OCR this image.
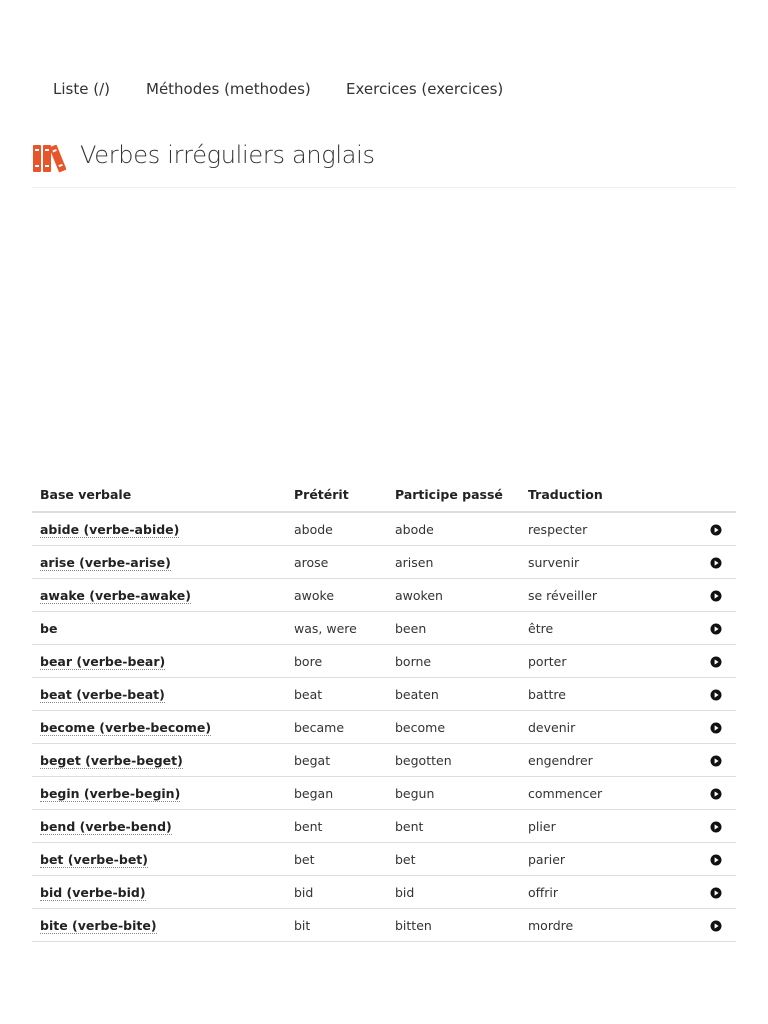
Liste (/)	Méthodes (methodes)	Exercices (exercices)
Verbes irréguliers anglais
Base verbale	Prétérit	Participe passé	Traduction	
abide (verbe-abide)	abode	abode	respecter	
arise (verbe-arise)	arose	arisen	survenir	
awake (verbe-awake)	awoke	awoken	se réveiller	
be	was, were	been	être	
bear (verbe-bear)	bore	borne	porter	
beat (verbe-beat)	beat	beaten	battre	
become (verbe-become)	became	become	devenir	
beget (verbe-beget)	begat	begotten	engendrer	
begin (verbe-begin)	began	begun	commencer	
bend (verbe-bend)	bent	bent	plier	
bet (verbe-bet)	bet	bet	parier	
bid (verbe-bid)	bid	bid	offrir	
bite (verbe-bite)	bit	bitten	mordre	
